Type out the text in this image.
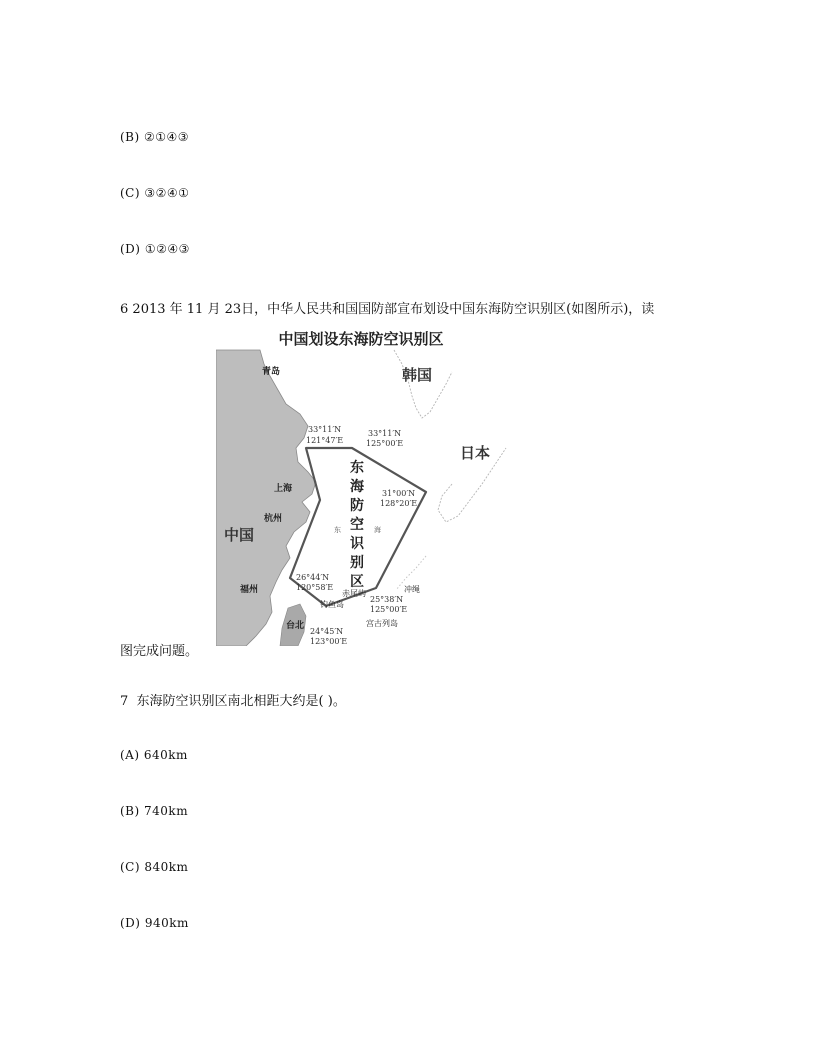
(B) ②①④③
(C) ③②④①
(D) ①②④③
6 2013 年 11 月 23日，中华人民共和国国防部宣布划设中国东海防空识别区(如图所示)，读
中国划设东海防空识别区
韩国
日本
中国
青岛
上海
杭州
福州
台北
钓鱼岛
赤尾屿	冲绳
宫古列岛
东	海
东
海
防
空
识
别
区
33°11′N
121°47′E
33°11′N
125°00′E
31°00′N
128°20′E
25°38′N
125°00′E
24°45′N
123°00′E
26°44′N
120°58′E
图完成问题。
7 东海防空识别区南北相距大约是( )。
(A) 640km
(B) 740km
(C) 840km
(D) 940km
